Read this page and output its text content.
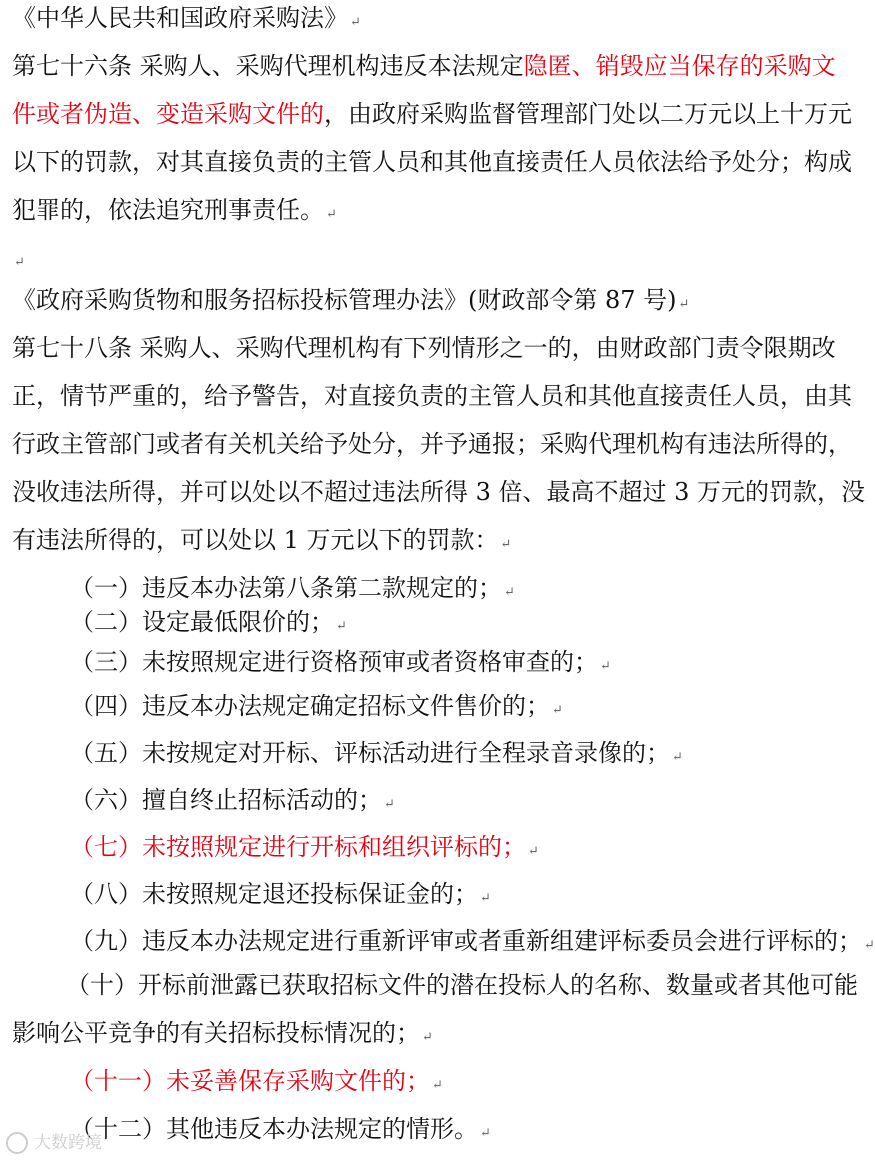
《中华人民共和国政府采购法》 ↵
第七十六条 采购人、采购代理机构违反本法规定隐匿、销毁应当保存的采购文
件或者伪造、变造采购文件的，由政府采购监督管理部门处以二万元以上十万元
以下的罚款，对其直接负责的主管人员和其他直接责任人员依法给予处分；构成
犯罪的，依法追究刑事责任。 ↵
↵
《政府采购货物和服务招标投标管理办法》(财政部令第 87 号) ↵
第七十八条 采购人、采购代理机构有下列情形之一的，由财政部门责令限期改
正，情节严重的，给予警告，对直接负责的主管人员和其他直接责任人员，由其
行政主管部门或者有关机关给予处分，并予通报；采购代理机构有违法所得的，
没收违法所得，并可以处以不超过违法所得 3 倍、最高不超过 3 万元的罚款，没
有违法所得的，可以处以 1 万元以下的罚款： ↵
（一）违反本办法第八条第二款规定的； ↵
（二）设定最低限价的； ↵
（三）未按照规定进行资格预审或者资格审查的； ↵
（四）违反本办法规定确定招标文件售价的； ↵
（五）未按规定对开标、评标活动进行全程录音录像的； ↵
（六）擅自终止招标活动的； ↵
（七）未按照规定进行开标和组织评标的； ↵
（八）未按照规定退还投标保证金的； ↵
（九）违反本办法规定进行重新评审或者重新组建评标委员会进行评标的； ↵
（十）开标前泄露已获取招标文件的潜在投标人的名称、数量或者其他可能
影响公平竞争的有关招标投标情况的； ↵
（十一）未妥善保存采购文件的； ↵
（十二）其他违反本办法规定的情形。 ↵
大数跨境
